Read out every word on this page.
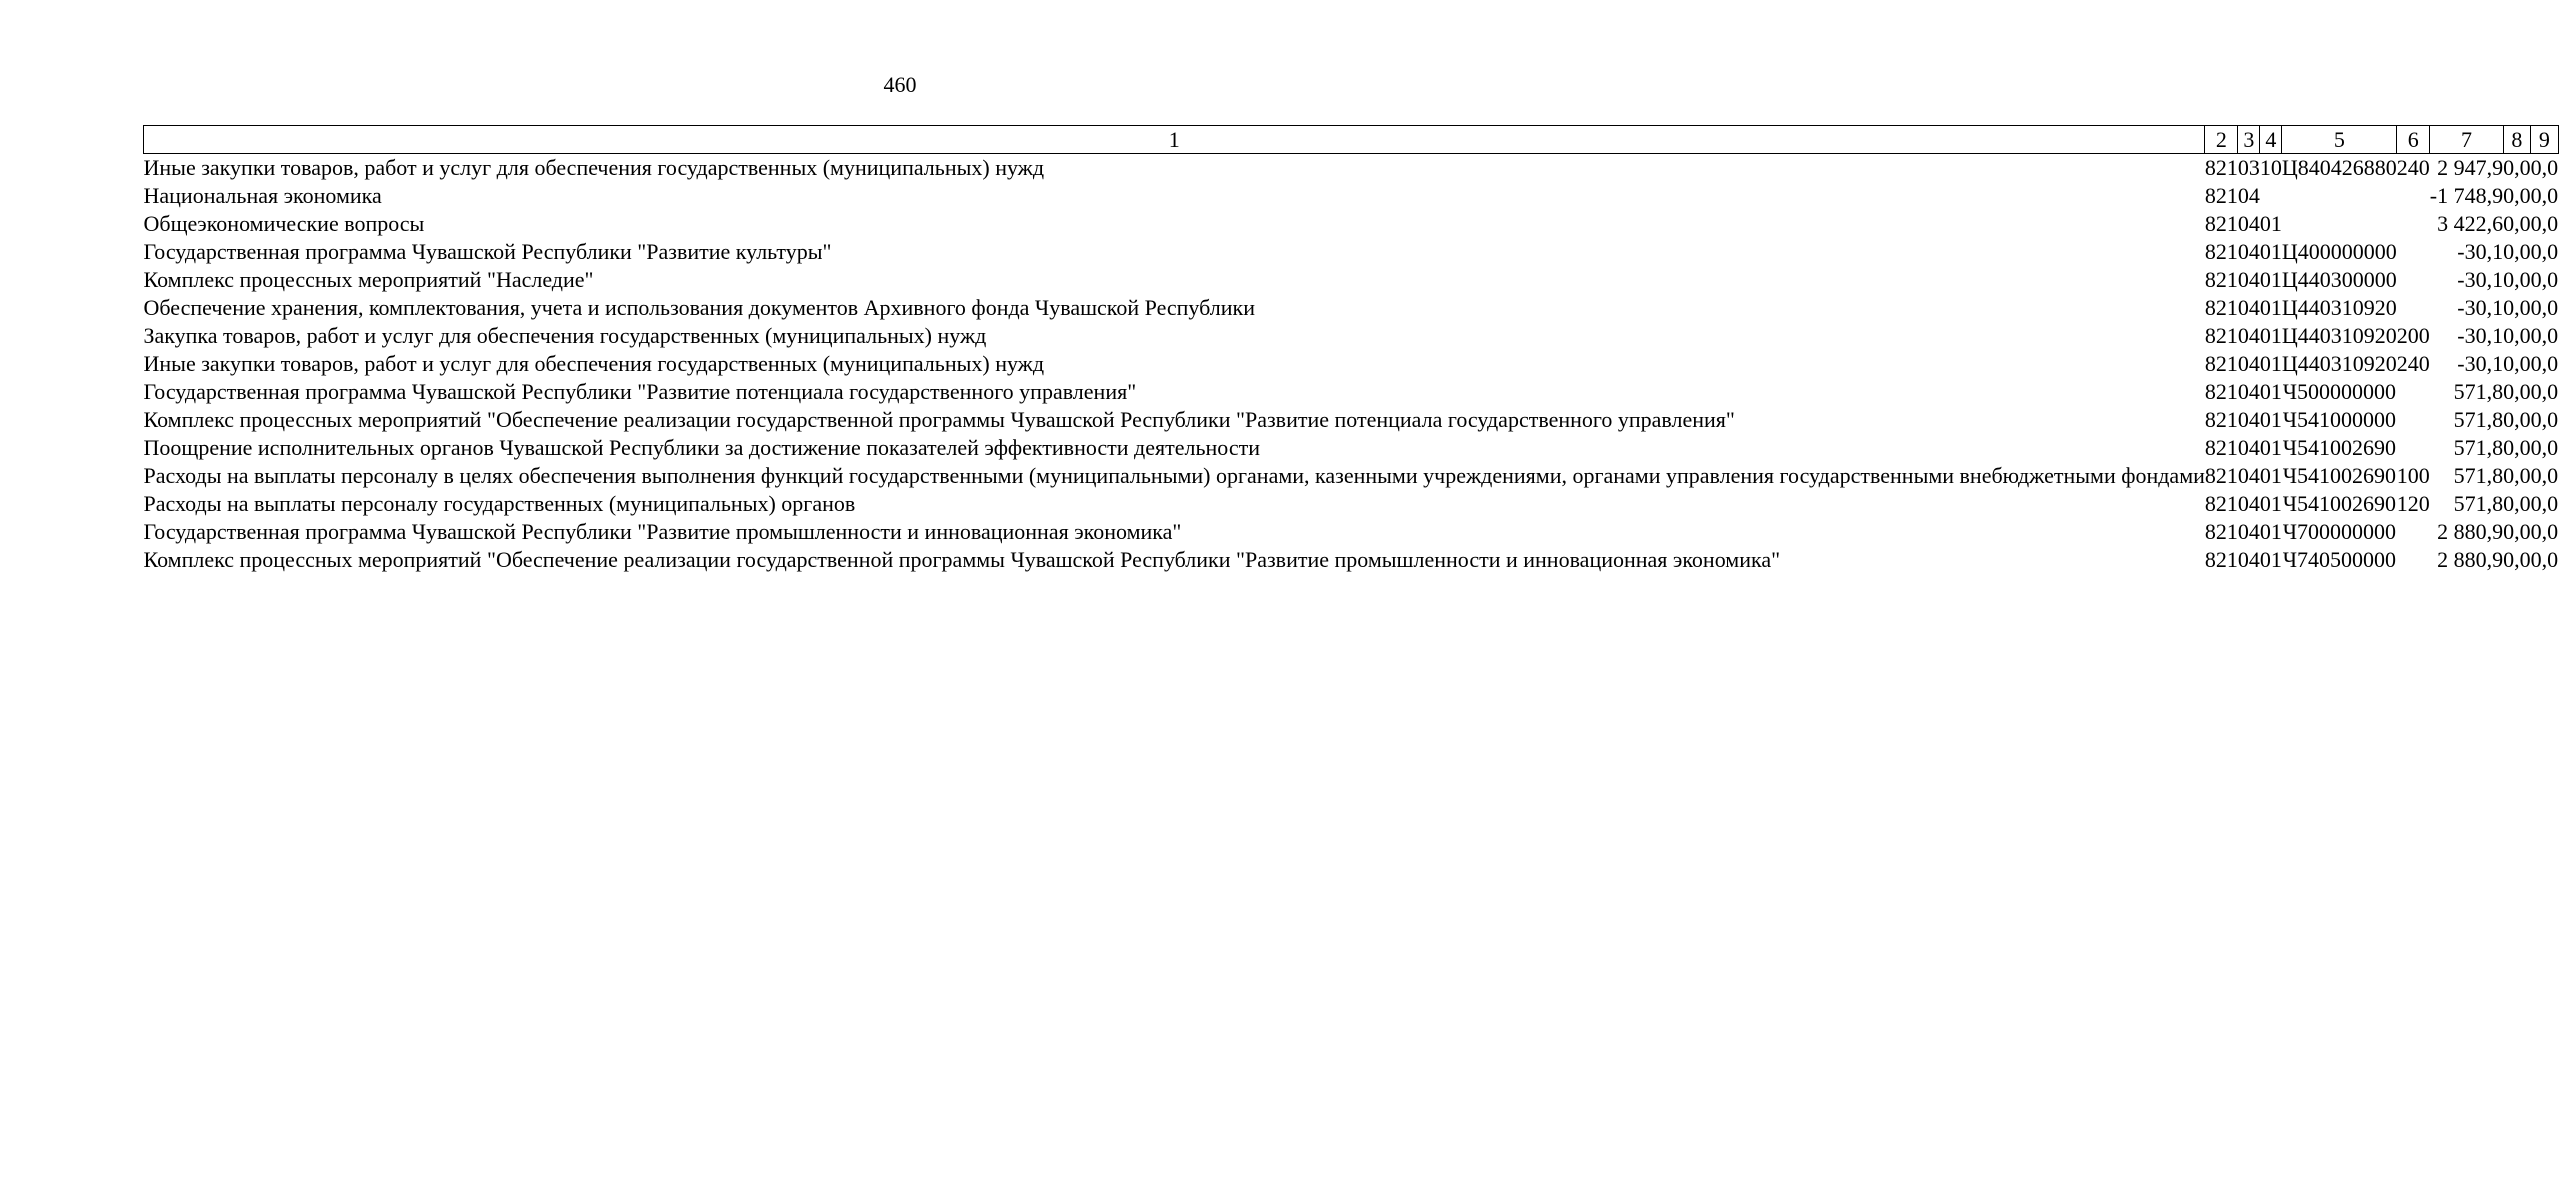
460
1	2	3	4	5	6	7	8	9
Иные закупки товаров, работ и услуг для обеспечения государственных (муниципальных) нужд	821	03	10	Ц840426880	240	2 947,9	0,0	0,0
Национальная экономика	821	04				-1 748,9	0,0	0,0
Общеэкономические вопросы	821	04	01			3 422,6	0,0	0,0
Государственная программа Чувашской Республики "Развитие культуры"	821	04	01	Ц400000000		-30,1	0,0	0,0
Комплекс процессных мероприятий "Наследие"	821	04	01	Ц440300000		-30,1	0,0	0,0
Обеспечение хранения, комплектования, учета и использования документов Архивного фонда Чувашской Республики	821	04	01	Ц440310920		-30,1	0,0	0,0
Закупка товаров, работ и услуг для обеспечения государственных (муниципальных) нужд	821	04	01	Ц440310920	200	-30,1	0,0	0,0
Иные закупки товаров, работ и услуг для обеспечения государственных (муниципальных) нужд	821	04	01	Ц440310920	240	-30,1	0,0	0,0
Государственная программа Чувашской Республики "Развитие потенциала государственного управления"	821	04	01	Ч500000000		571,8	0,0	0,0
Комплекс процессных мероприятий "Обеспечение реализации государственной программы Чувашской Республики "Развитие потенциала государственного управления"	821	04	01	Ч541000000		571,8	0,0	0,0
Поощрение исполнительных органов Чувашской Республики за достижение показателей эффективности деятельности	821	04	01	Ч541002690		571,8	0,0	0,0
Расходы на выплаты персоналу в целях обеспечения выполнения функций государственными (муниципальными) органами, казенными учреждениями, органами управления государственными внебюджетными фондами	821	04	01	Ч541002690	100	571,8	0,0	0,0
Расходы на выплаты персоналу государственных (муниципальных) органов	821	04	01	Ч541002690	120	571,8	0,0	0,0
Государственная программа Чувашской Республики "Развитие промышленности и инновационная экономика"	821	04	01	Ч700000000		2 880,9	0,0	0,0
Комплекс процессных мероприятий "Обеспечение реализации государственной программы Чувашской Республики "Развитие промышленности и инновационная экономика"	821	04	01	Ч740500000		2 880,9	0,0	0,0
